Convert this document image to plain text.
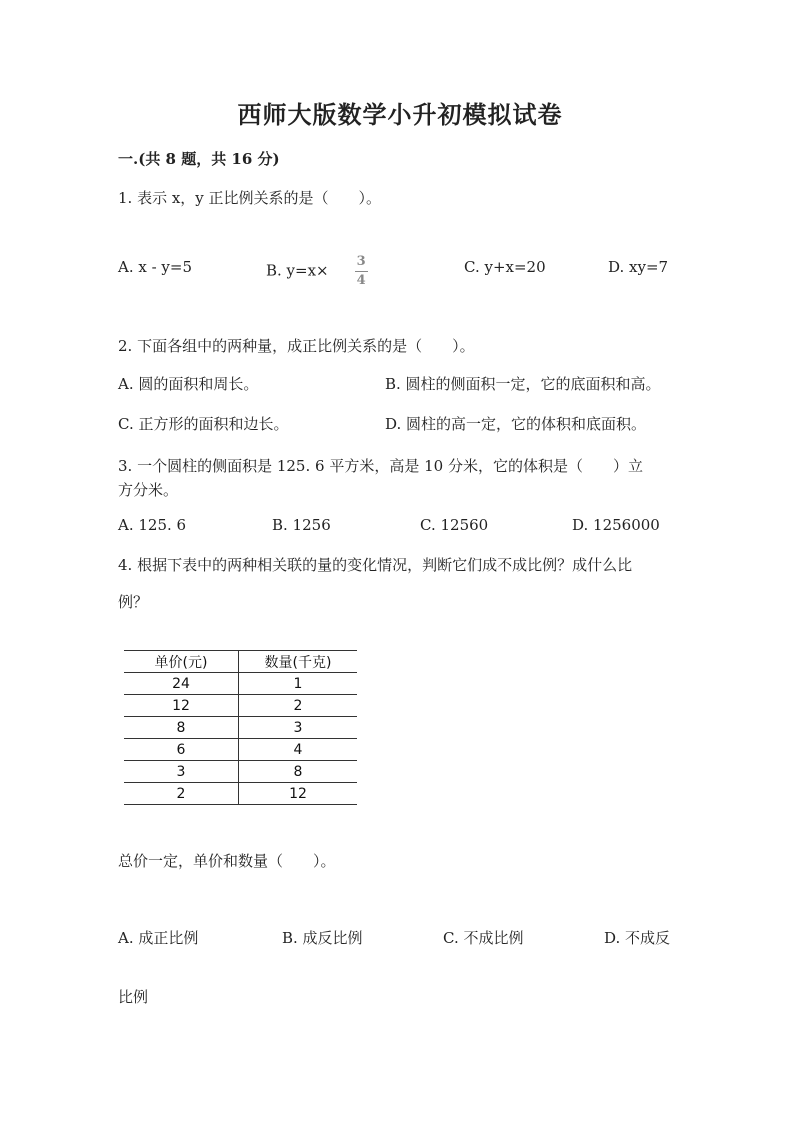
西师大版数学小升初模拟试卷
一.(共 8 题，共 16 分)
1. 表示 x，y 正比例关系的是（　　）。
A. x - y=5	B. $y=x\times \frac{3}{4}$	C. y+x=20	D. xy=7
2. 下面各组中的两种量，成正比例关系的是（　　）。
A. 圆的面积和周长。	B. 圆柱的侧面积一定，它的底面积和高。
C. 正方形的面积和边长。	D. 圆柱的高一定，它的体积和底面积。
3. 一个圆柱的侧面积是 125. 6 平方米，高是 10 分米，它的体积是（　　）立
方分米。
A. 125. 6	B. 1256	C. 12560	D. 1256000
4. 根据下表中的两种相关联的量的变化情况，判断它们成不成比例？成什么比
例？
单价(元)	数量(千克)
24	1
12	2
8	3
6	4
3	8
2	12
总价一定，单价和数量（　　）。
A. 成正比例	B. 成反比例	C. 不成比例	D. 不成反
比例
